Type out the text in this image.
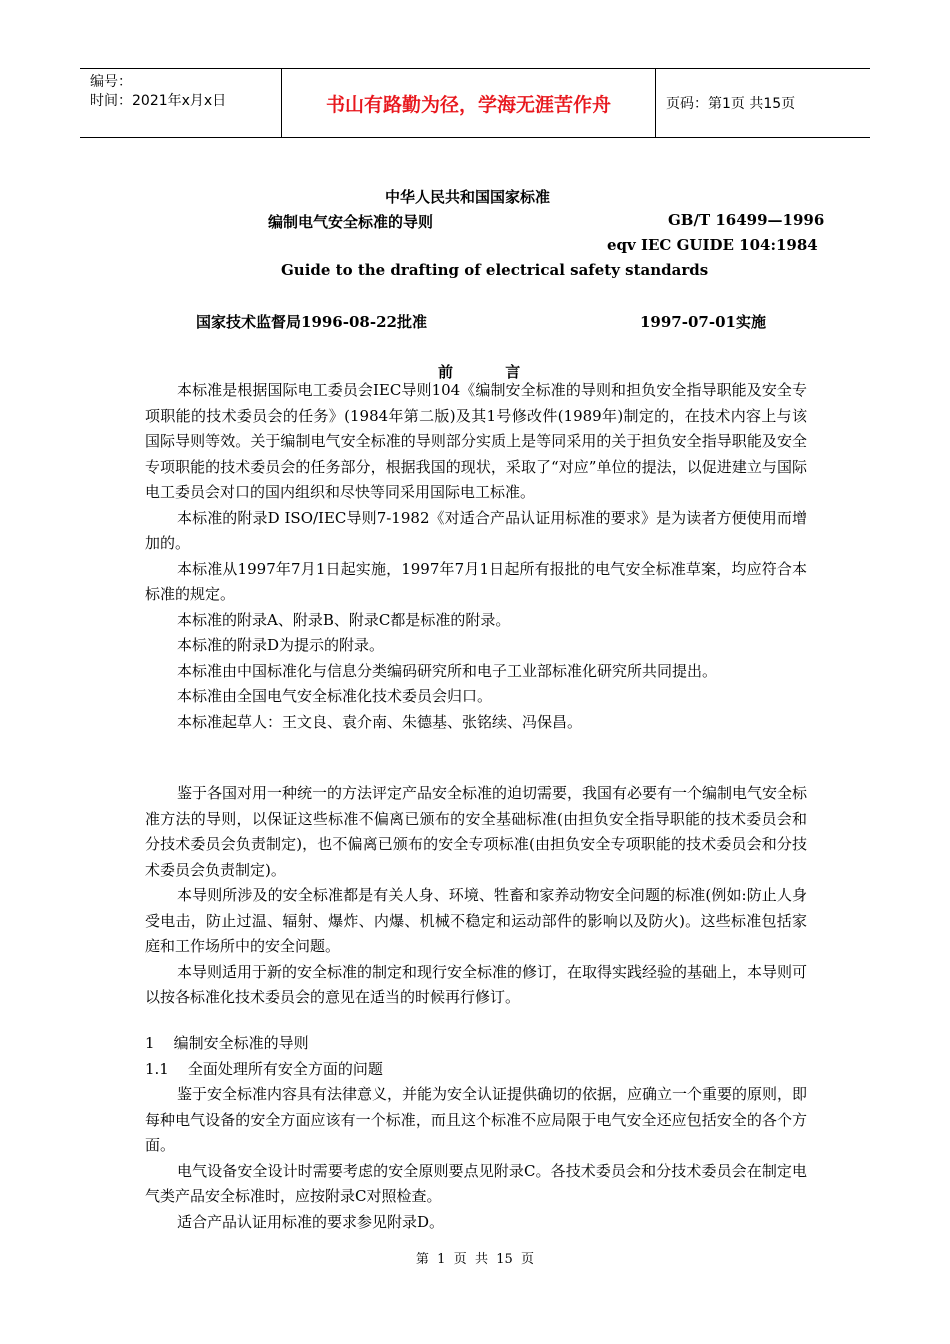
编号：
时间：2021年x月x日	书山有路勤为径，学海无涯苦作舟	页码：第1页 共15页
中华人民共和国国家标准
编制电气安全标准的导则	GB/T 16499—1996
eqv IEC GUIDE 104:1984
Guide to the drafting of electrical safety standards
国家技术监督局1996-08-22批准	1997-07-01实施
前          言

本标准是根据国际电工委员会IEC导则104《编制安全标准的导则和担负安全指导职能及安全专项职能的技术委员会的任务》(1984年第二版)及其1号修改件(1989年)制定的，在技术内容上与该国际导则等效。关于编制电气安全标准的导则部分实质上是等同采用的关于担负安全指导职能及安全专项职能的技术委员会的任务部分，根据我国的现状，采取了“对应”单位的提法，以促进建立与国际电工委员会对口的国内组织和尽快等同采用国际电工标准。

本标准的附录D ISO/IEC导则7-1982《对适合产品认证用标准的要求》是为读者方便使用而增加的。

本标准从1997年7月1日起实施，1997年7月1日起所有报批的电气安全标准草案，均应符合本标准的规定。

本标准的附录A、附录B、附录C都是标准的附录。

本标准的附录D为提示的附录。

本标准由中国标准化与信息分类编码研究所和电子工业部标准化研究所共同提出。

本标准由全国电气安全标准化技术委员会归口。

本标准起草人：王文良、袁介南、朱德基、张铭续、冯保昌。

鉴于各国对用一种统一的方法评定产品安全标准的迫切需要，我国有必要有一个编制电气安全标准方法的导则，以保证这些标准不偏离已颁布的安全基础标准(由担负安全指导职能的技术委员会和分技术委员会负责制定)，也不偏离已颁布的安全专项标准(由担负安全专项职能的技术委员会和分技术委员会负责制定)。

本导则所涉及的安全标准都是有关人身、环境、牲畜和家养动物安全问题的标准(例如:防止人身受电击，防止过温、辐射、爆炸、内爆、机械不稳定和运动部件的影响以及防火)。这些标准包括家庭和工作场所中的安全问题。

本导则适用于新的安全标准的制定和现行安全标准的修订，在取得实践经验的基础上，本导则可以按各标准化技术委员会的意见在适当的时候再行修订。

1    编制安全标准的导则

1.1    全面处理所有安全方面的问题

鉴于安全标准内容具有法律意义，并能为安全认证提供确切的依据，应确立一个重要的原则，即每种电气设备的安全方面应该有一个标准，而且这个标准不应局限于电气安全还应包括安全的各个方面。

电气设备安全设计时需要考虑的安全原则要点见附录C。各技术委员会和分技术委员会在制定电气类产品安全标准时，应按附录C对照检查。

适合产品认证用标准的要求参见附录D。

第  1  页  共  15  页
